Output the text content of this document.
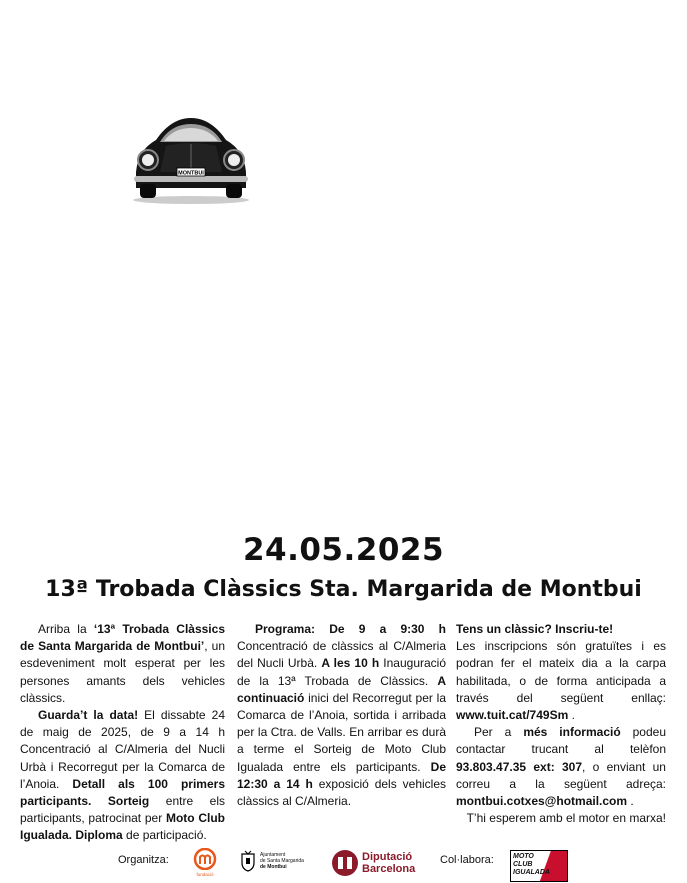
MONTBUI
24.05.2025
13ª Trobada Clàssics Sta. Margarida de Montbui

Arriba la ‘13ª Trobada Clàssics de Santa Margarida de Montbui’, un esdeveniment molt esperat per les persones amants dels vehicles clàssics.

Guarda’t la data! El dissabte 24 de maig de 2025, de 9 a 14 h Concentració al C/Almeria del Nucli Urbà i Recorregut per la Comarca de l’Anoia. Detall als 100 primers participants. Sorteig entre els participants, patrocinat per Moto Club Igualada. Diploma de participació.

Programa: De 9 a 9:30 h Concentració de clàssics al C/Almeria del Nucli Urbà. A les 10 h Inauguració de la 13ª Trobada de Clàssics. A continuació inici del Recorregut per la Comarca de l’Anoia, sortida i arribada per la Ctra. de Valls. En arribar es durà a terme el Sorteig de Moto Club Igualada entre els participants. De 12:30 a 14 h exposició dels vehicles clàssics al C/Almeria.

Tens un clàssic? Inscriu-te!

Les inscripcions són gratuïtes i es podran fer el mateix dia a la carpa habilitada, o de forma anticipada a través del següent enllaç: www.tuit.cat/749Sm .

Per a més informació podeu contactar trucant al telèfon 93.803.47.35 ext: 307, o enviant un correu a la següent adreça: montbui.cotxes@hotmail.com .

T’hi esperem amb el motor en marxa!

Organitza:
fundació
Ajuntament
de Santa Margarida
de Montbui
Diputació
Barcelona
Col·labora:	MOTO
CLUB
IGUALADA
